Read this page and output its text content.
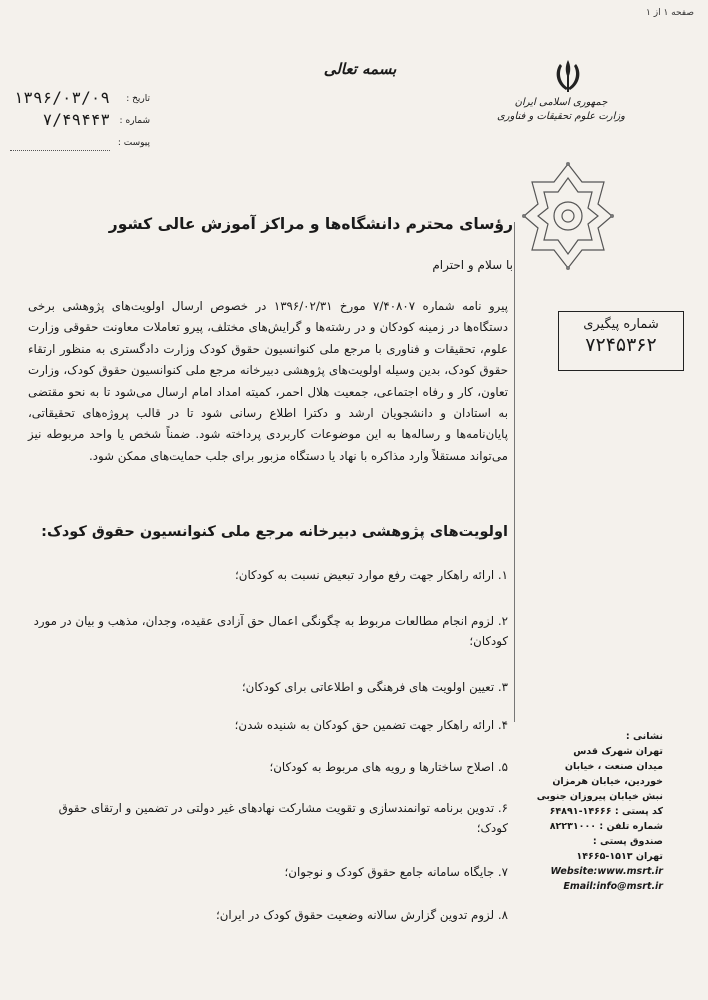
صفحه ۱ از ۱
بسمه تعالی
جمهوری اسلامی ایران
وزارت علوم تحقیقات و فناوری
تاریخ :
۱۳۹۶/۰۳/۰۹
شماره :
۷/۴۹۴۴۳
پیوست :
شماره پیگیری
۷۲۴۵۳۶۲
رؤسای محترم دانشگاه‌ها و مراکز آموزش عالی کشور
با سلام و احترام
پیرو نامه شماره ۷/۴۰۸۰۷ مورخ ۱۳۹۶/۰۲/۳۱ در خصوص ارسال اولویت‌های پژوهشی برخی دستگاه‌ها در زمینه کودکان و در رشته‌ها و گرایش‌های مختلف، پیرو تعاملات معاونت حقوقی وزارت علوم، تحقیقات و فناوری با مرجع ملی کنوانسیون حقوق کودک وزارت دادگستری به منظور ارتقاء حقوق کودک، بدین وسیله اولویت‌های پژوهشی دبیرخانه مرجع ملی کنوانسیون حقوق کودک، وزارت تعاون، کار و رفاه اجتماعی، جمعیت هلال احمر، کمیته امداد امام ارسال می‌شود تا به نحو مقتضی به استادان و دانشجویان ارشد و دکترا اطلاع رسانی شود تا در قالب پروژه‌های تحقیقاتی، پایان‌نامه‌ها و رساله‌ها به این موضوعات کاربردی پرداخته شود. ضمناً شخص یا واحد مربوطه نیز می‌تواند مستقلاً وارد مذاکره با نهاد یا دستگاه مزبور برای جلب حمایت‌های ممکن شود.
اولویت‌های پژوهشی دبیرخانه مرجع ملی کنوانسیون حقوق کودک:
۱. ارائه راهکار جهت رفع موارد تبعیض نسبت به کودکان؛
۲. لزوم انجام مطالعات مربوط به چگونگی اعمال حق آزادی عقیده، وجدان، مذهب و بیان در مورد کودکان؛
۳. تعیین اولویت های فرهنگی و اطلاعاتی برای کودکان؛
۴. ارائه راهکار جهت تضمین حق کودکان به شنیده شدن؛
۵. اصلاح ساختارها و رویه های مربوط به کودکان؛
۶. تدوین برنامه توانمندسازی و تقویت مشارکت نهادهای غیر دولتی در تضمین و ارتقای حقوق کودک؛
۷. جایگاه سامانه جامع حقوق کودک و نوجوان؛
۸. لزوم تدوین گزارش سالانه وضعیت حقوق کودک در ایران؛
نشانی :
تهران شهرک قدس
میدان صنعت ، خیابان
خوردین، خیابان هرمزان
نبش خیابان پیروزان جنوبی
کد پستی : ۱۴۶۶۶-۶۴۸۹۱
شماره تلفن : ۸۲۲۳۱۰۰۰
صندوق پستی :
تهران ۱۵۱۳-۱۴۶۶۵
Website:www.msrt.ir
Email:info@msrt.ir
